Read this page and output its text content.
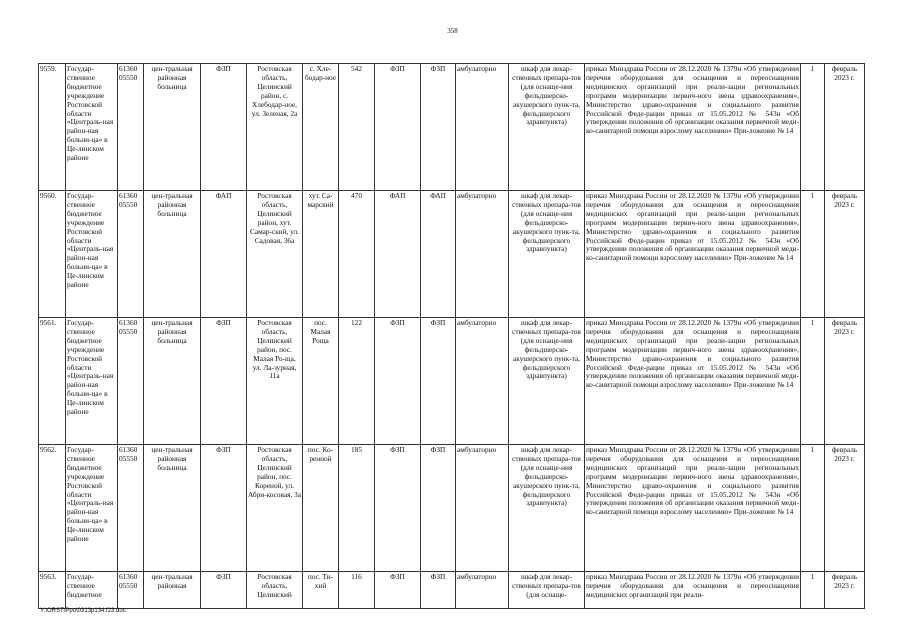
358
9559.	Государ-ственное бюджетное учреждение Ростовской области «Централь-ная район-ная больни-ца» в Це-линском районе	61360 05550	цен-тральная районная больница	ФЗП	Ростовская область, Целинский район, с. Хлебодар-ное, ул. Зеленая, 2а	с. Хле-бодар-ное	542	ФЗП	ФЗП	амбулаторно	шкаф для лекар-ственных препара-тов (для оснаще-ния фельдшерско-акушерского пунк-та, фельдшерского здравпункта)	приказ Минздрава России от 28.12.2020 № 1379н «Об утверждении перечня оборудования для оснащения и переоснащения медицинских организаций при реали-зации региональных программ модернизации первич-ного звена здравоохранения», Министерство здраво-охранения и социального развития Российской Феде-рации приказ от 15.05.2012 № 543н «Об утверждении положения об организации оказания первичной меди-ко-санитарной помощи взрослому населению» При-ложение № 14	1	февраль 2023 г.
9560.	Государ-ственное бюджетное учреждение Ростовской области «Централь-ная район-ная больни-ца» в Це-линском районе	61360 05550	цен-тральная районная больница	ФАП	Ростовская область, Целинский район, хут. Самар-ский, ул. Садовая, 36а	хут. Са-марский	470	ФАП	ФАП	амбулаторно	шкаф для лекар-ственных препара-тов (для оснаще-ния фельдшерско-акушерского пунк-та, фельдшерского здравпункта)	приказ Минздрава России от 28.12.2020 № 1379н «Об утверждении перечня оборудования для оснащения и переоснащения медицинских организаций при реали-зации региональных программ модернизации первич-ного звена здравоохранения», Министерство здраво-охранения и социального развития Российской Феде-рации приказ от 15.05.2012 № 543н «Об утверждении положения об организации оказания первичной меди-ко-санитарной помощи взрослому населению» При-ложение № 14	1	февраль 2023 г.
9561.	Государ-ственное бюджетное учреждение Ростовской области «Централь-ная район-ная больни-ца» в Це-линском районе	61360 05550	цен-тральная районная больница	ФЗП	Ростовская область, Целинский район, пос. Малая Ро-ща, ул. Ла-зурная, 11а	пос. Малая Роща	122	ФЗП	ФЗП	амбулаторно	шкаф для лекар-ственных препара-тов (для оснаще-ния фельдшерско-акушерского пунк-та, фельдшерского здравпункта)	приказ Минздрава России от 28.12.2020 № 1379н «Об утверждении перечня оборудования для оснащения и переоснащения медицинских организаций при реали-зации региональных программ модернизации первич-ного звена здравоохранения», Министерство здраво-охранения и социального развития Российской Феде-рации приказ от 15.05.2012 № 543н «Об утверждении положения об организации оказания первичной меди-ко-санитарной помощи взрослому населению» При-ложение № 14	1	февраль 2023 г.
9562.	Государ-ственное бюджетное учреждение Ростовской области «Централь-ная район-ная больни-ца» в Це-линском районе	61360 05550	цен-тральная районная больница	ФЗП	Ростовская область, Целинский район, пос. Кореной, ул. Абри-косовая, 3а	пос. Ко-ренной	185	ФЗП	ФЗП	амбулаторно	шкаф для лекар-ственных препара-тов (для оснаще-ния фельдшерско-акушерского пунк-та, фельдшерского здравпункта)	приказ Минздрава России от 28.12.2020 № 1379н «Об утверждении перечня оборудования для оснащения и переоснащения медицинских организаций при реали-зации региональных программ модернизации первич-ного звена здравоохранения», Министерство здраво-охранения и социального развития Российской Феде-рации приказ от 15.05.2012 № 543н «Об утверждении положения об организации оказания первичной меди-ко-санитарной помощи взрослому населению» При-ложение № 14	1	февраль 2023 г.
9563.	Государ-ственное бюджетное	61360 05550	цен-тральная районная	ФЗП	Ростовская область, Целинский	пос. Ти-хий	116	ФЗП	ФЗП	амбулаторно	шкаф для лекар-ственных препара-тов (для оснаще-	приказ Минздрава России от 28.12.2020 № 1379н «Об утверждении перечня оборудования для оснащения и переоснащения медицинских организаций при реали-	1	февраль 2023 г.
Y:\ORST\Ppo\0313p134.f23.doc
